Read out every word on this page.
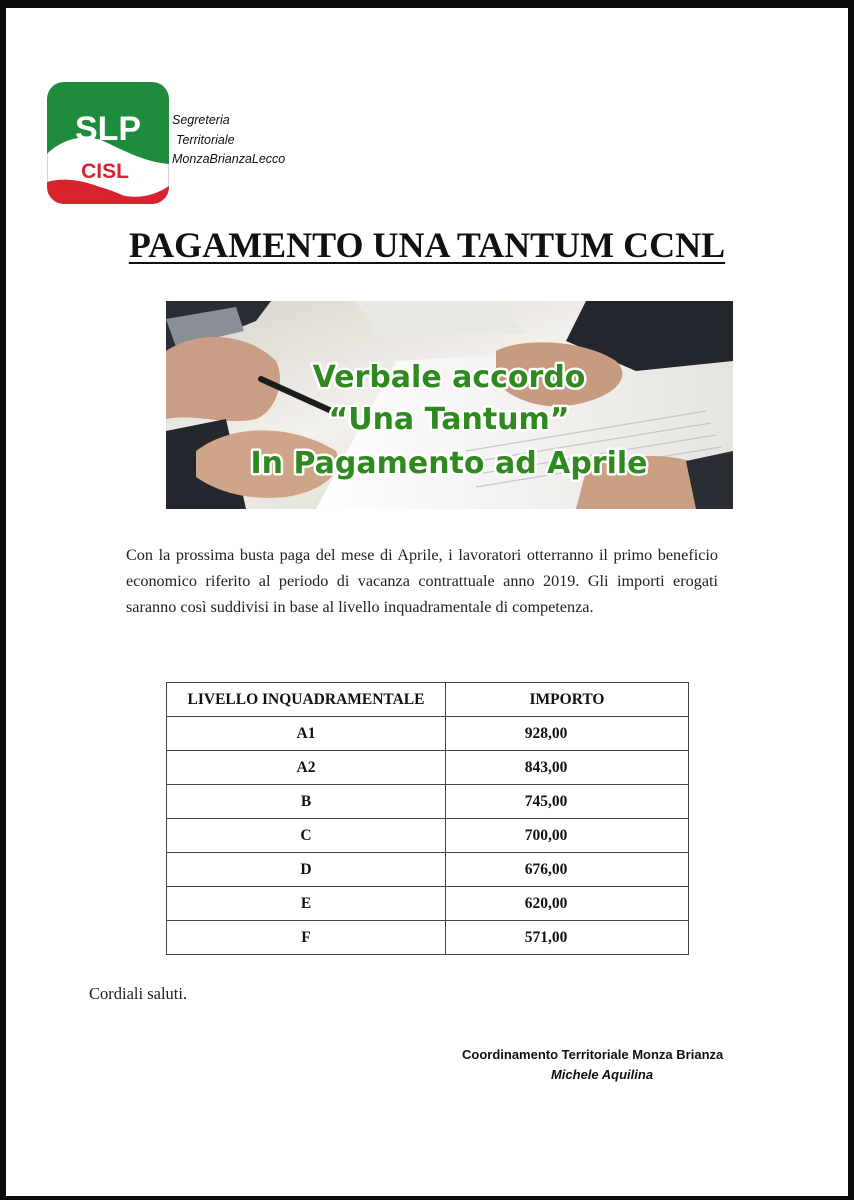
SLP
CISL
Segreteria
Territoriale
MonzaBrianzaLecco
PAGAMENTO UNA TANTUM CCNL
Verbale accordo
“Una Tantum”
In Pagamento ad Aprile

Con la prossima busta paga del mese di Aprile, i lavoratori otterranno il primo beneficio economico riferito al periodo di vacanza contrattuale anno 2019. Gli importi erogati saranno così suddivisi in base al livello inquadramentale di competenza.

LIVELLO INQUADRAMENTALE	IMPORTO
A1	928,00
A2	843,00
B	745,00
C	700,00
D	676,00
E	620,00
F	571,00

Cordiali saluti.

Coordinamento Territoriale Monza Brianza
Michele Aquilina
